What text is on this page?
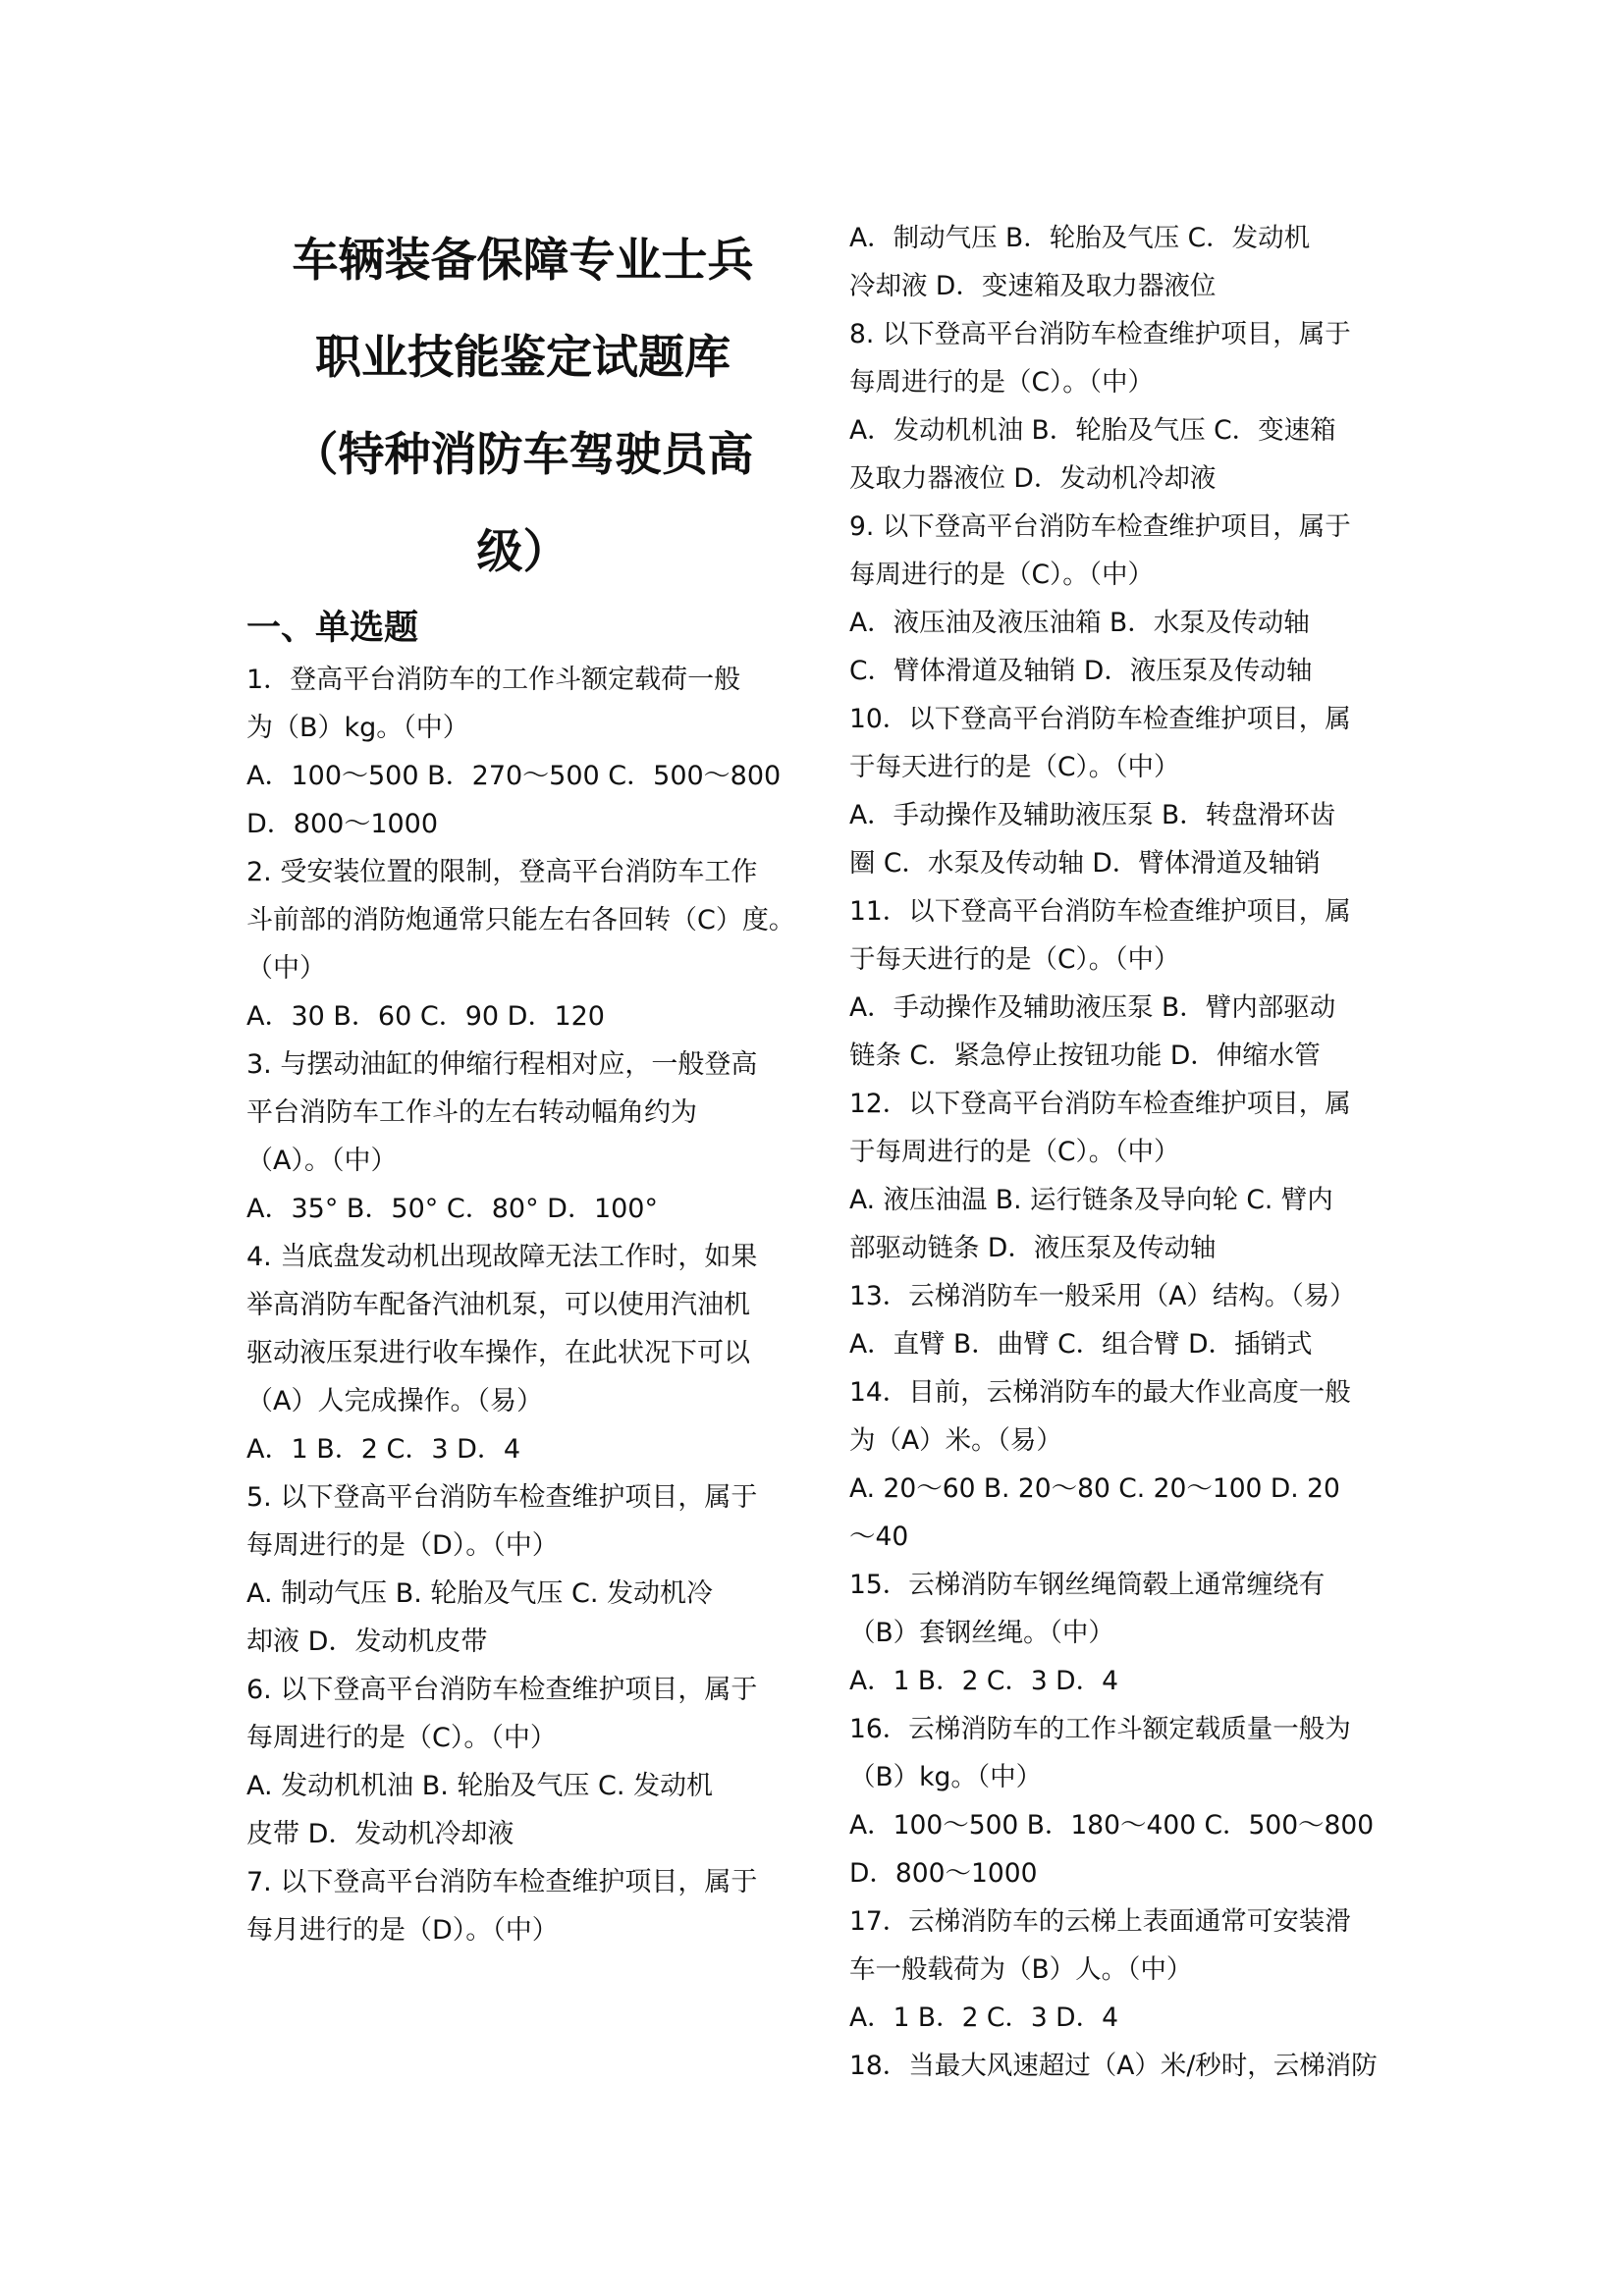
车辆装备保障专业士兵
职业技能鉴定试题库
（特种消防车驾驶员高
级）
一、单选题
1．登高平台消防车的工作斗额定载荷一般
为（B）kg。（中）
A．100～500 B．270～500 C．500～800
D．800～1000
2. 受安装位置的限制，登高平台消防车工作
斗前部的消防炮通常只能左右各回转（C）度。
（中）
A．30 B．60 C．90 D．120
3. 与摆动油缸的伸缩行程相对应，一般登高
平台消防车工作斗的左右转动幅角约为
（A）。（中）
A．35° B．50° C．80° D．100°
4. 当底盘发动机出现故障无法工作时，如果
举高消防车配备汽油机泵，可以使用汽油机
驱动液压泵进行收车操作，在此状况下可以
（A）人完成操作。（易）
A．1 B．2 C．3 D．4
5. 以下登高平台消防车检查维护项目，属于
每周进行的是（D）。（中）
A. 制动气压 B. 轮胎及气压 C. 发动机冷
却液 D．发动机皮带
6. 以下登高平台消防车检查维护项目，属于
每周进行的是（C）。（中）
A. 发动机机油 B. 轮胎及气压 C. 发动机
皮带 D．发动机冷却液
7. 以下登高平台消防车检查维护项目，属于
每月进行的是（D）。（中）
A．制动气压 B．轮胎及气压 C．发动机
冷却液 D．变速箱及取力器液位
8. 以下登高平台消防车检查维护项目，属于
每周进行的是（C）。（中）
A．发动机机油 B．轮胎及气压 C．变速箱
及取力器液位 D．发动机冷却液
9. 以下登高平台消防车检查维护项目，属于
每周进行的是（C）。（中）
A．液压油及液压油箱 B．水泵及传动轴
C．臂体滑道及轴销 D．液压泵及传动轴
10．以下登高平台消防车检查维护项目，属
于每天进行的是（C）。（中）
A．手动操作及辅助液压泵 B．转盘滑环齿
圈 C．水泵及传动轴 D．臂体滑道及轴销
11．以下登高平台消防车检查维护项目，属
于每天进行的是（C）。（中）
A．手动操作及辅助液压泵 B．臂内部驱动
链条 C．紧急停止按钮功能 D．伸缩水管
12．以下登高平台消防车检查维护项目，属
于每周进行的是（C）。（中）
A. 液压油温 B. 运行链条及导向轮 C. 臂内
部驱动链条 D．液压泵及传动轴
13．云梯消防车一般采用（A）结构。（易）
A．直臂 B．曲臂 C．组合臂 D．插销式
14．目前，云梯消防车的最大作业高度一般
为（A）米。（易）
A. 20～60 B. 20～80 C. 20～100 D. 20
～40
15．云梯消防车钢丝绳筒毂上通常缠绕有
（B）套钢丝绳。（中）
A．1 B．2 C．3 D．4
16．云梯消防车的工作斗额定载质量一般为
（B）kg。（中）
A．100～500 B．180～400 C．500～800
D．800～1000
17．云梯消防车的云梯上表面通常可安装滑
车一般载荷为（B）人。（中）
A．1 B．2 C．3 D．4
18．当最大风速超过（A）米/秒时，云梯消防
